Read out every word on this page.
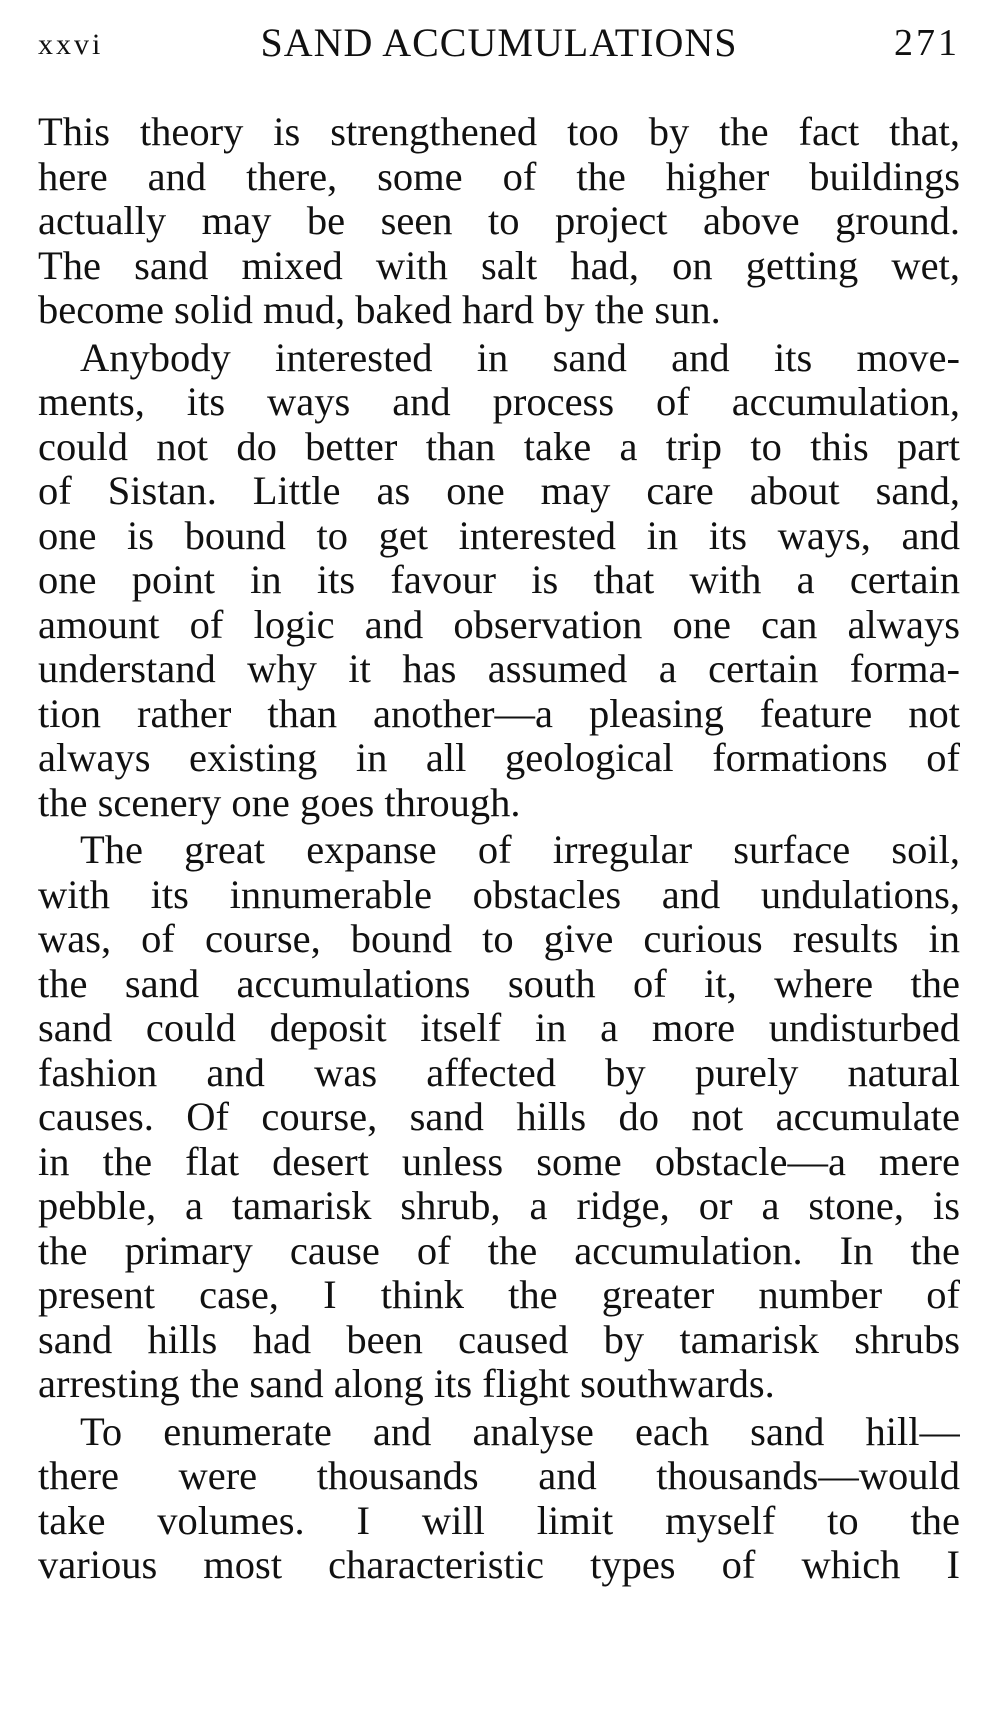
xxvi	SAND ACCUMULATIONS	271
This theory is strengthened too by the fact that,
here and there, some of the higher buildings
actually may be seen to project above ground.
The sand mixed with salt had, on getting wet,
become solid mud, baked hard by the sun.
Anybody interested in sand and its move-
ments, its ways and process of accumulation,
could not do better than take a trip to this part
of Sistan. Little as one may care about sand,
one is bound to get interested in its ways, and
one point in its favour is that with a certain
amount of logic and observation one can always
understand why it has assumed a certain forma-
tion rather than another—a pleasing feature not
always existing in all geological formations of
the scenery one goes through.
The great expanse of irregular surface soil,
with its innumerable obstacles and undulations,
was, of course, bound to give curious results in
the sand accumulations south of it, where the
sand could deposit itself in a more undisturbed
fashion and was affected by purely natural
causes. Of course, sand hills do not accumulate
in the flat desert unless some obstacle—a mere
pebble, a tamarisk shrub, a ridge, or a stone, is
the primary cause of the accumulation. In the
present case, I think the greater number of
sand hills had been caused by tamarisk shrubs
arresting the sand along its flight southwards.
To enumerate and analyse each sand hill—
there were thousands and thousands—would
take volumes. I will limit myself to the
various most characteristic types of which I
